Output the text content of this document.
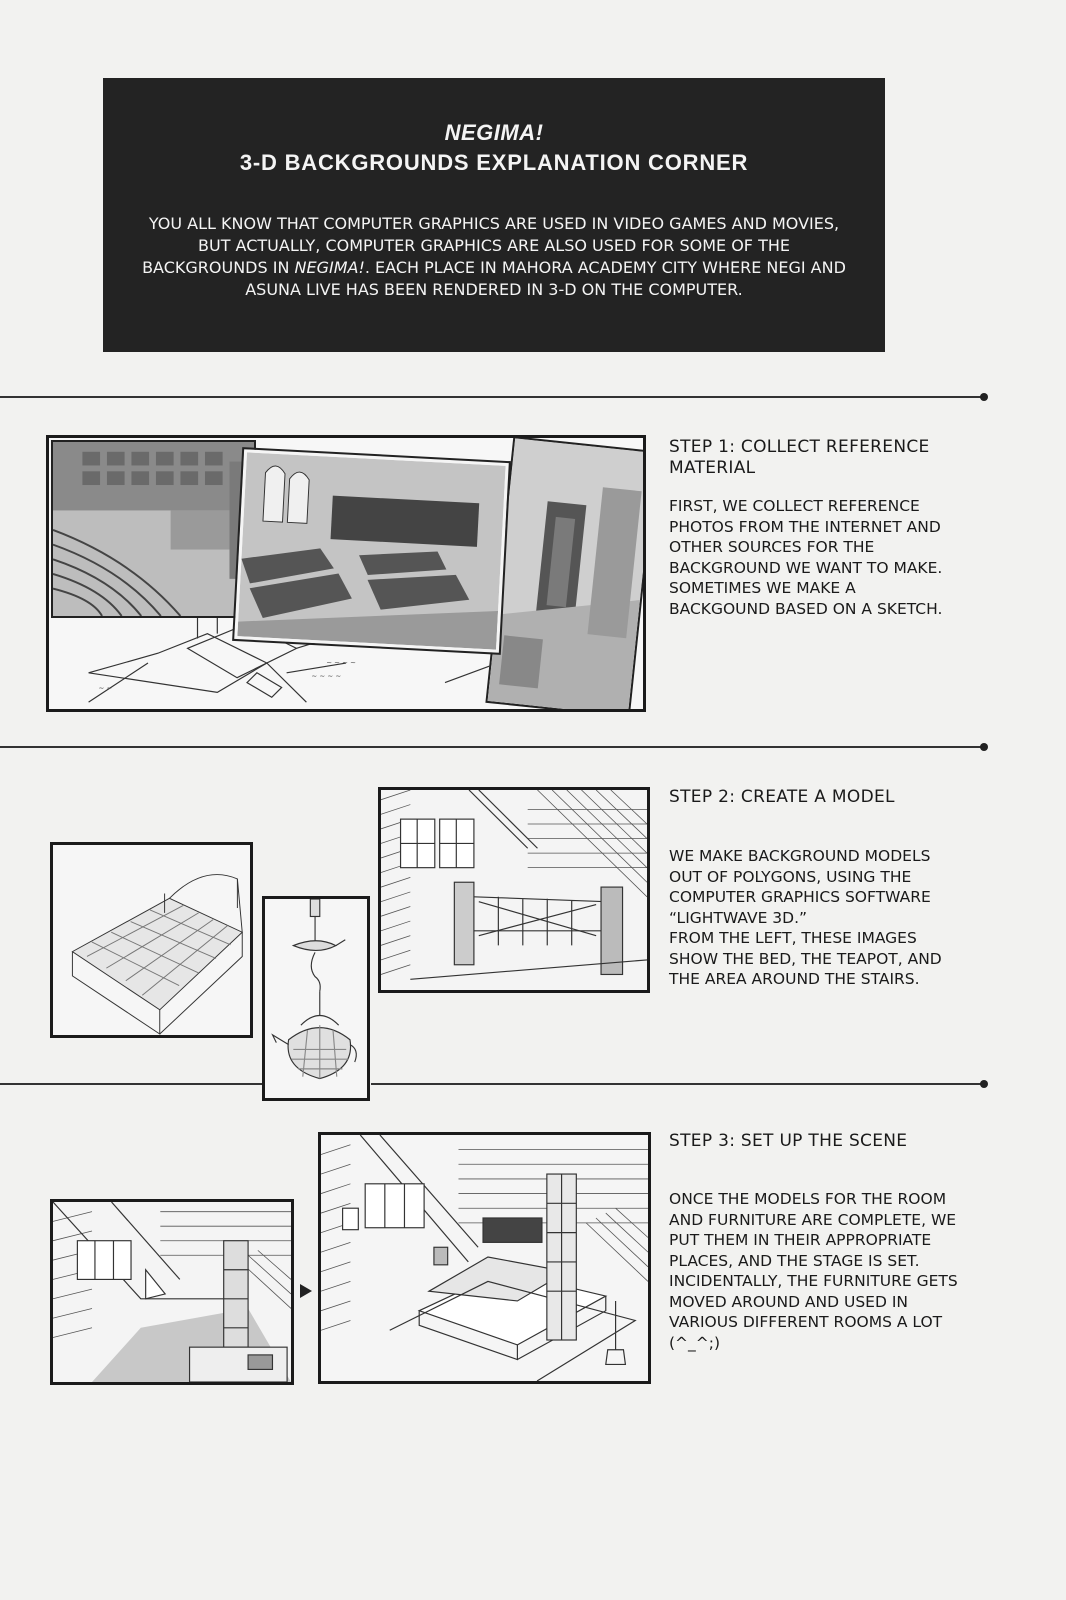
NEGIMA!
3-D BACKGROUNDS EXPLANATION CORNER
YOU ALL KNOW THAT COMPUTER GRAPHICS ARE USED IN VIDEO GAMES AND MOVIES, BUT ACTUALLY, COMPUTER GRAPHICS ARE ALSO USED FOR SOME OF THE BACKGROUNDS IN NEGIMA!. EACH PLACE IN MAHORA ACADEMY CITY WHERE NEGI AND ASUNA LIVE HAS BEEN RENDERED IN 3-D ON THE COMPUTER.
~ ~ ~ ~
~ ~ ~ ~
~ ~
STEP 1: COLLECT REFERENCE MATERIAL
FIRST, WE COLLECT REFERENCE PHOTOS FROM THE INTERNET AND OTHER SOURCES FOR THE BACKGROUND WE WANT TO MAKE.
SOMETIMES WE MAKE A BACKGOUND BASED ON A SKETCH.
STEP 2: CREATE A MODEL
WE MAKE BACKGROUND MODELS OUT OF POLYGONS, USING THE COMPUTER GRAPHICS SOFTWARE “LIGHTWAVE 3D.”
FROM THE LEFT, THESE IMAGES SHOW THE BED, THE TEAPOT, AND THE AREA AROUND THE STAIRS.
STEP 3: SET UP THE SCENE
ONCE THE MODELS FOR THE ROOM AND FURNITURE ARE COMPLETE, WE PUT THEM IN THEIR APPROPRIATE PLACES, AND THE STAGE IS SET. INCIDENTALLY, THE FURNITURE GETS MOVED AROUND AND USED IN VARIOUS DIFFERENT ROOMS A LOT (^_^;)
